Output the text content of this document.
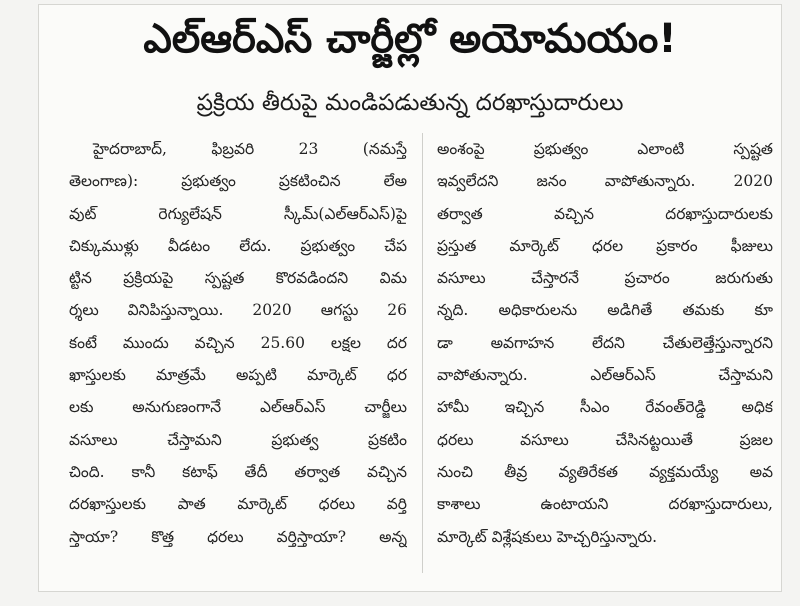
ఎల్ఆర్ఎస్ చార్జీల్లో అయోమయం!
ప్రక్రియ తీరుపై మండిపడుతున్న దరఖాస్తుదారులు
హైదరాబాద్, ఫిబ్రవరి 23 (నమస్తే
తెలంగాణ): ప్రభుత్వం ప్రకటించిన లేఅ
వుట్ రెగ్యులేషన్ స్కీమ్(ఎల్ఆర్ఎస్)పై
చిక్కుముళ్లు వీడటం లేదు. ప్రభుత్వం చేప
ట్టిన ప్రక్రియపై స్పష్టత కొరవడిందని విమ
ర్శలు వినిపిస్తున్నాయి. 2020 ఆగస్టు 26
కంటే ముందు వచ్చిన 25.60 లక్షల దర
ఖాస్తులకు మాత్రమే అప్పటి మార్కెట్ ధర
లకు అనుగుణంగానే ఎల్ఆర్ఎస్ చార్జీలు
వసూలు చేస్తామని ప్రభుత్వ ప్రకటిం
చింది. కానీ కటాఫ్ తేదీ తర్వాత వచ్చిన
దరఖాస్తులకు పాత మార్కెట్ ధరలు వర్తి
స్తాయా? కొత్త ధరలు వర్తిస్తాయా? అన్న
అంశంపై ప్రభుత్వం ఎలాంటి స్పష్టత
ఇవ్వలేదని జనం వాపోతున్నారు. 2020
తర్వాత వచ్చిన దరఖాస్తుదారులకు
ప్రస్తుత మార్కెట్ ధరల ప్రకారం ఫీజులు
వసూలు చేస్తారనే ప్రచారం జరుగుతు
న్నది. అధికారులను అడిగితే తమకు కూ
డా అవగాహన లేదని చేతులెత్తేస్తున్నారని
వాపోతున్నారు. ఎల్ఆర్ఎస్ చేస్తామని
హామీ ఇచ్చిన సీఎం రేవంత్‌రెడ్డి అధిక
ధరలు వసూలు చేసినట్టయితే ప్రజల
నుంచి తీవ్ర వ్యతిరేకత వ్యక్తమయ్యే అవ
కాశాలు ఉంటాయని దరఖాస్తుదారులు,
మార్కెట్ విశ్లేషకులు హెచ్చరిస్తున్నారు.
